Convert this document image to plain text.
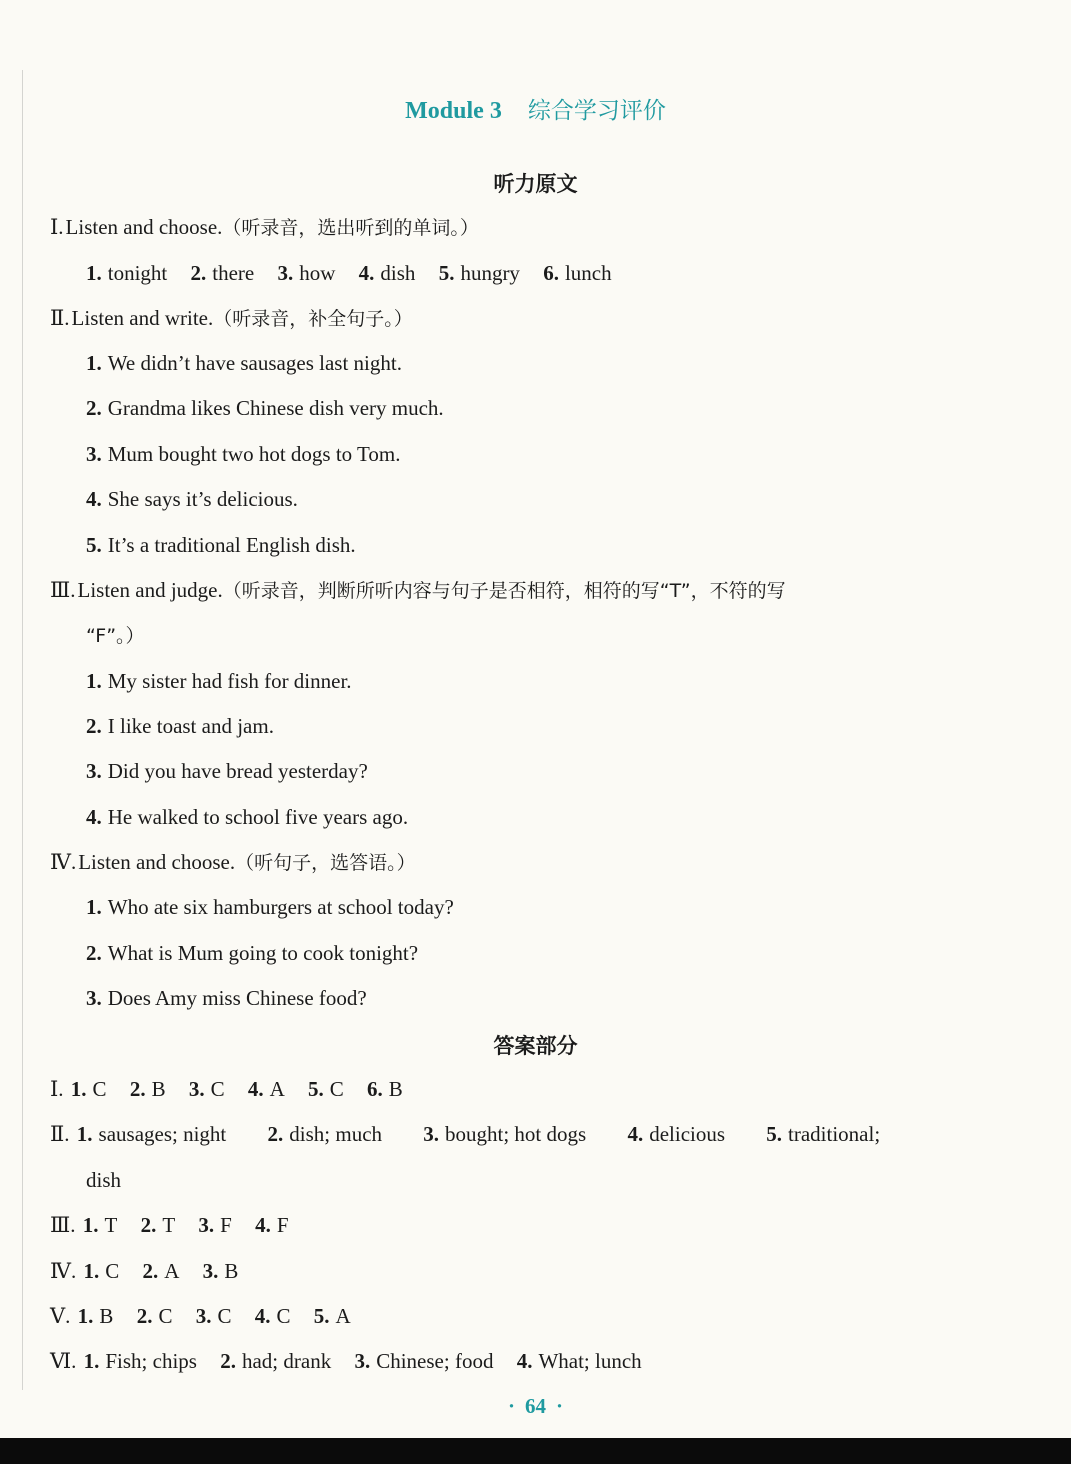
Module 3 综合学习评价
听力原文
Ⅰ.Listen and choose.（听录音，选出听到的单词。）
1. tonight 2. there 3. how 4. dish 5. hungry 6. lunch
Ⅱ.Listen and write.（听录音，补全句子。）
1. We didn’t have sausages last night.
2. Grandma likes Chinese dish very much.
3. Mum bought two hot dogs to Tom.
4. She says it’s delicious.
5. It’s a traditional English dish.
Ⅲ.Listen and judge.（听录音，判断所听内容与句子是否相符，相符的写“T”，不符的写
“F”。）
1. My sister had fish for dinner.
2. I like toast and jam.
3. Did you have bread yesterday?
4. He walked to school five years ago.
Ⅳ.Listen and choose.（听句子，选答语。）
1. Who ate six hamburgers at school today?
2. What is Mum going to cook tonight?
3. Does Amy miss Chinese food?
答案部分
Ⅰ. 1. C 2. B 3. C 4. A 5. C 6. B
Ⅱ. 1. sausages; night 2. dish; much 3. bought; hot dogs 4. delicious 5. traditional;
dish
Ⅲ. 1. T 2. T 3. F 4. F
Ⅳ. 1. C 2. A 3. B
Ⅴ. 1. B 2. C 3. C 4. C 5. A
Ⅵ. 1. Fish; chips 2. had; drank 3. Chinese; food 4. What; lunch
· 64 ·
